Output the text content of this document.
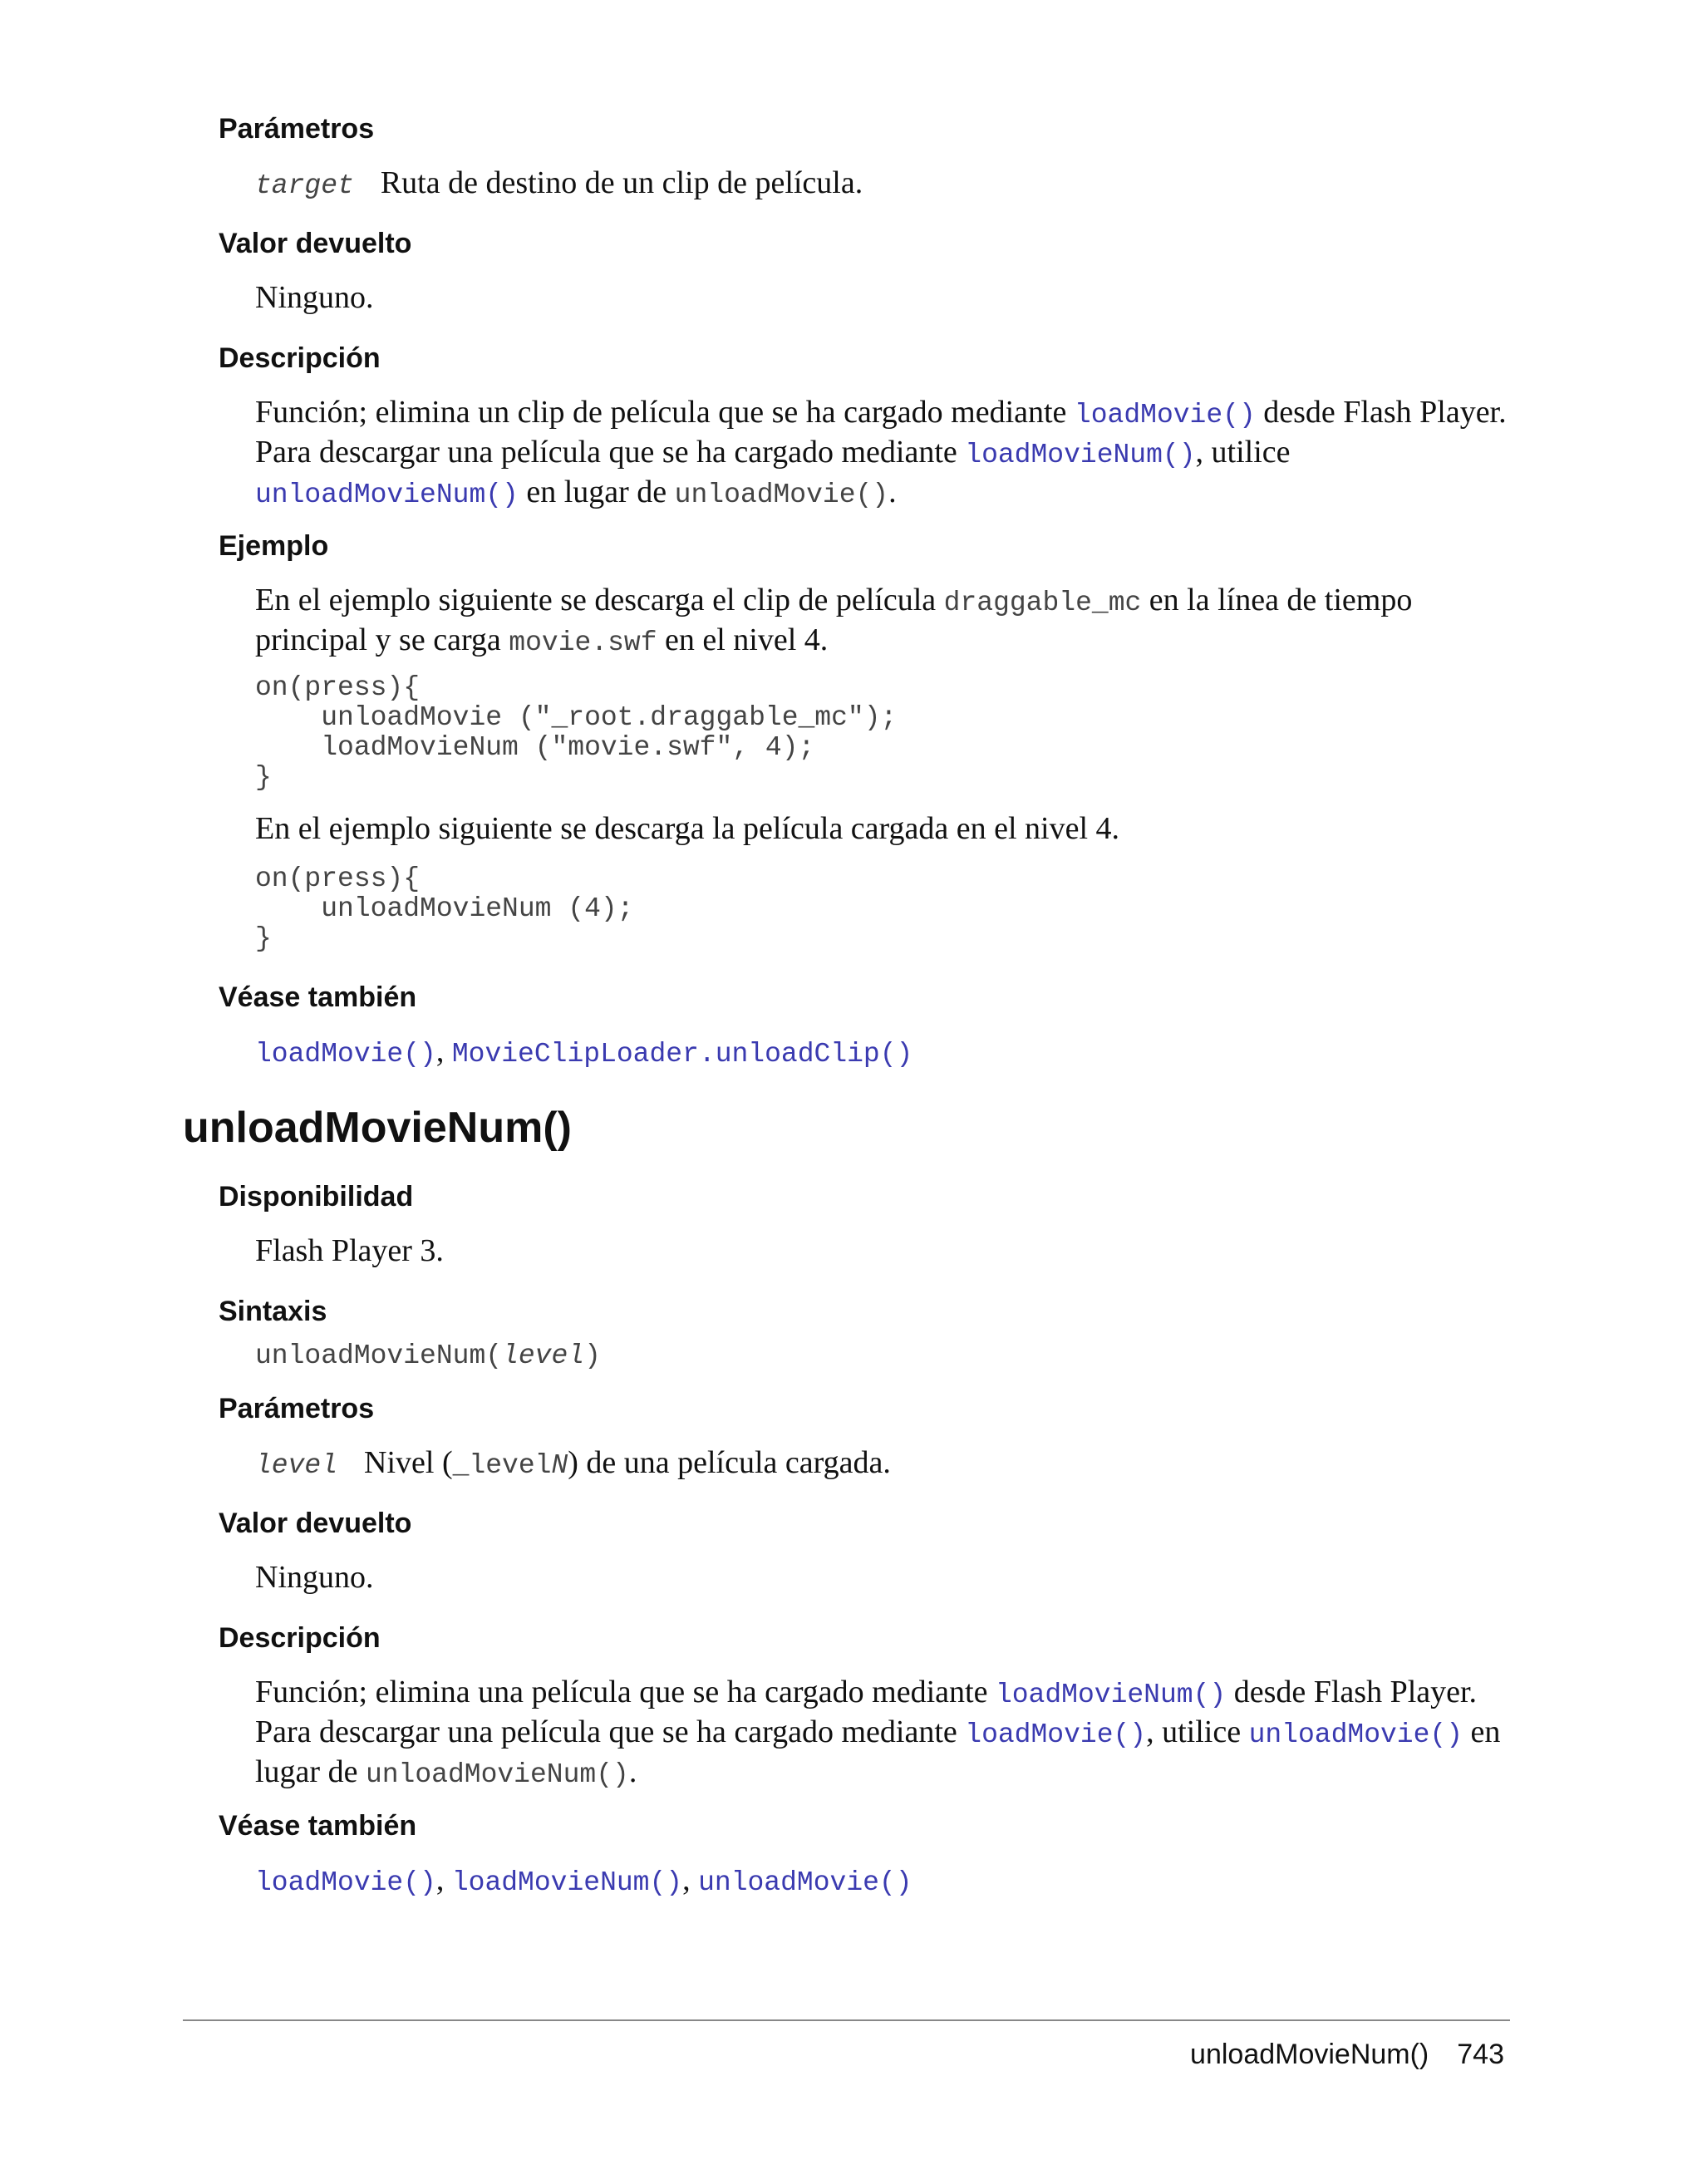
Parámetros

target Ruta de destino de un clip de película.

Valor devuelto

Ninguno.

Descripción

Función; elimina un clip de película que se ha cargado mediante loadMovie() desde Flash Player. Para descargar una película que se ha cargado mediante loadMovieNum(), utilice
unloadMovieNum() en lugar de unloadMovie().

Ejemplo

En el ejemplo siguiente se descarga el clip de película draggable_mc en la línea de tiempo principal y se carga movie.swf en el nivel 4.

on(press){
unloadMovie ("_root.draggable_mc");
loadMovieNum ("movie.swf", 4);
}

En el ejemplo siguiente se descarga la película cargada en el nivel 4.

on(press){
unloadMovieNum (4);
}
Véase también

loadMovie(), MovieClipLoader.unloadClip()

unloadMovieNum()
Disponibilidad

Flash Player 3.

Sintaxis

unloadMovieNum(level)

Parámetros

level Nivel (_levelN) de una película cargada.

Valor devuelto

Ninguno.

Descripción

Función; elimina una película que se ha cargado mediante loadMovieNum() desde Flash Player. Para descargar una película que se ha cargado mediante loadMovie(), utilice unloadMovie() en lugar de unloadMovieNum().

Véase también

loadMovie(), loadMovieNum(), unloadMovie()

unloadMovieNum() 743
